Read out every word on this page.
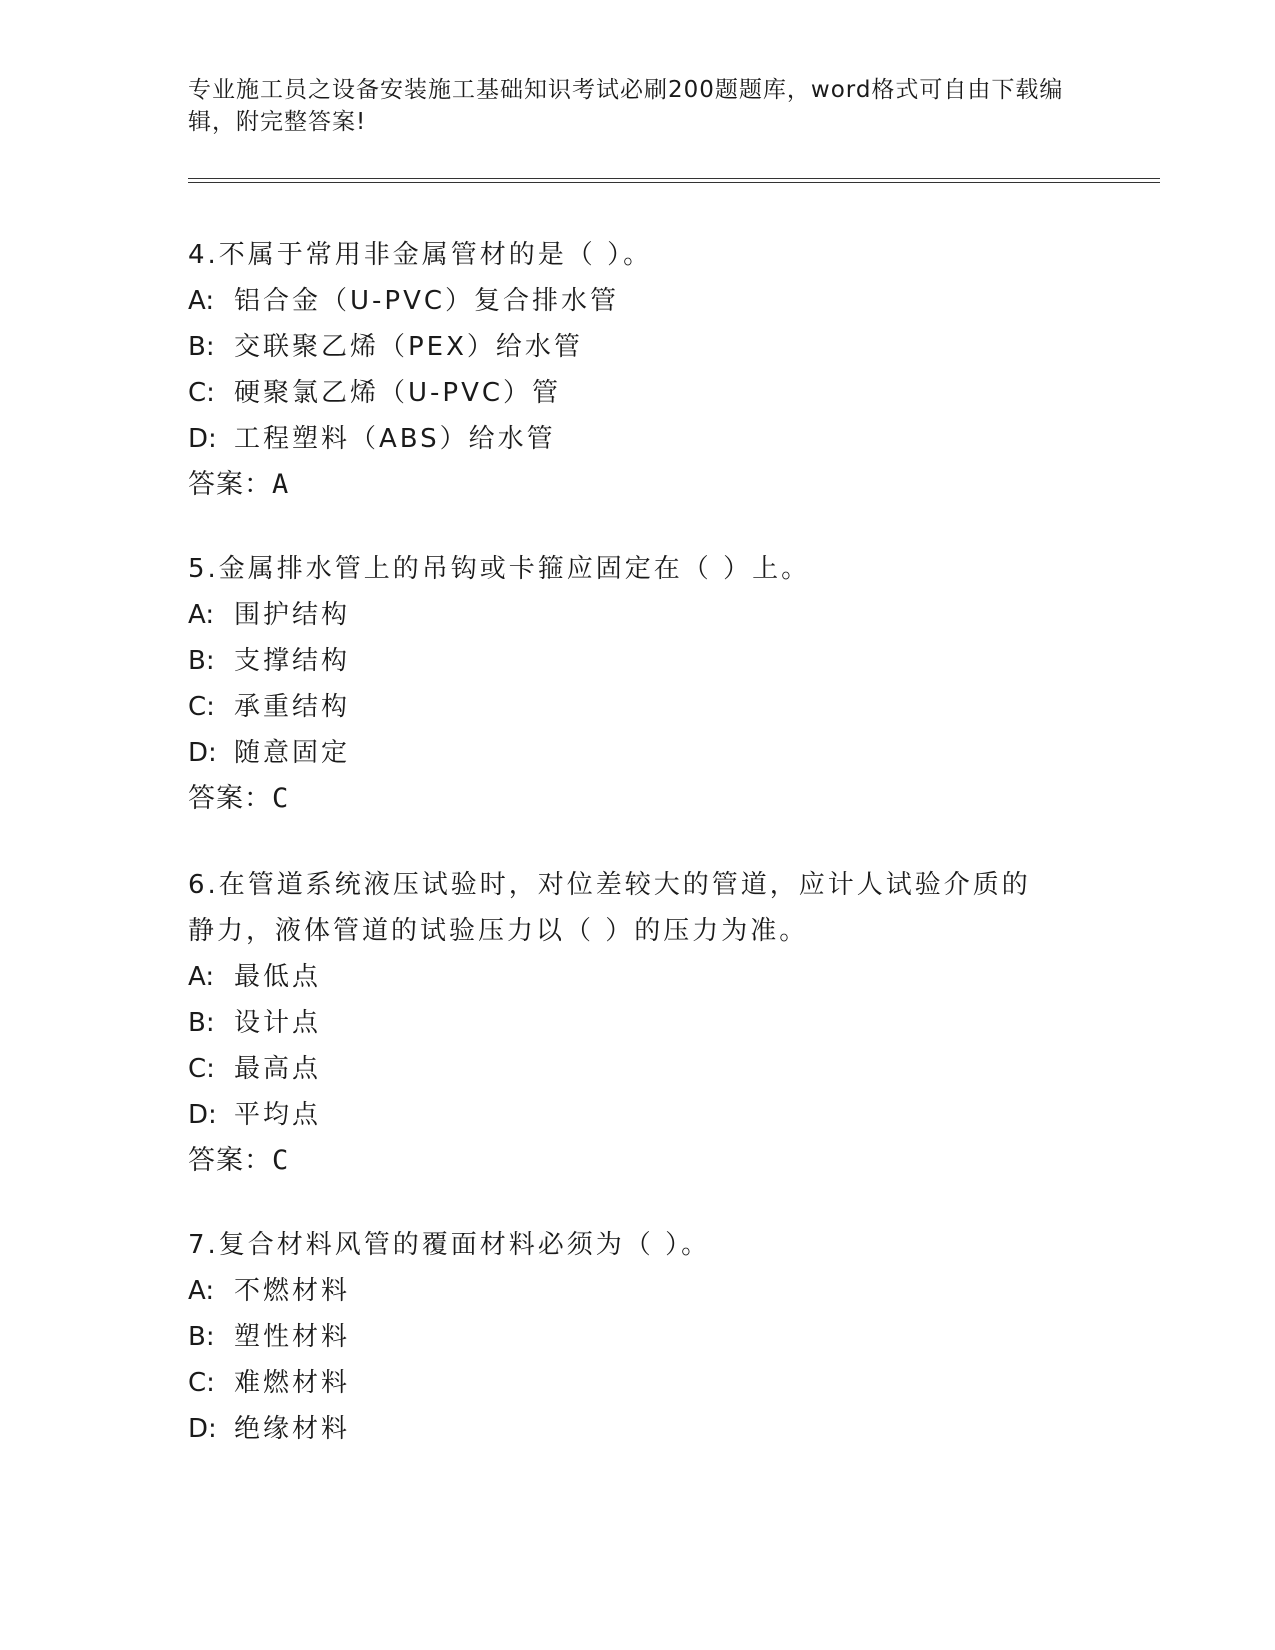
专业施工员之设备安装施工基础知识考试必刷200题题库，word格式可自由下载编辑，附完整答案!

4.不属于常用非金属管材的是（ ）。

A: 铝合金（U-PVC）复合排水管

B: 交联聚乙烯（PEX）给水管

C: 硬聚氯乙烯（U-PVC）管

D: 工程塑料（ABS）给水管

答案：A

5.金属排水管上的吊钩或卡箍应固定在（ ）上。

A: 围护结构

B: 支撑结构

C: 承重结构

D: 随意固定

答案：C

6.在管道系统液压试验时，对位差较大的管道，应计人试验介质的静力，液体管道的试验压力以（ ）的压力为准。

A: 最低点

B: 设计点

C: 最高点

D: 平均点

答案：C

7.复合材料风管的覆面材料必须为（ ）。

A: 不燃材料

B: 塑性材料

C: 难燃材料

D: 绝缘材料
